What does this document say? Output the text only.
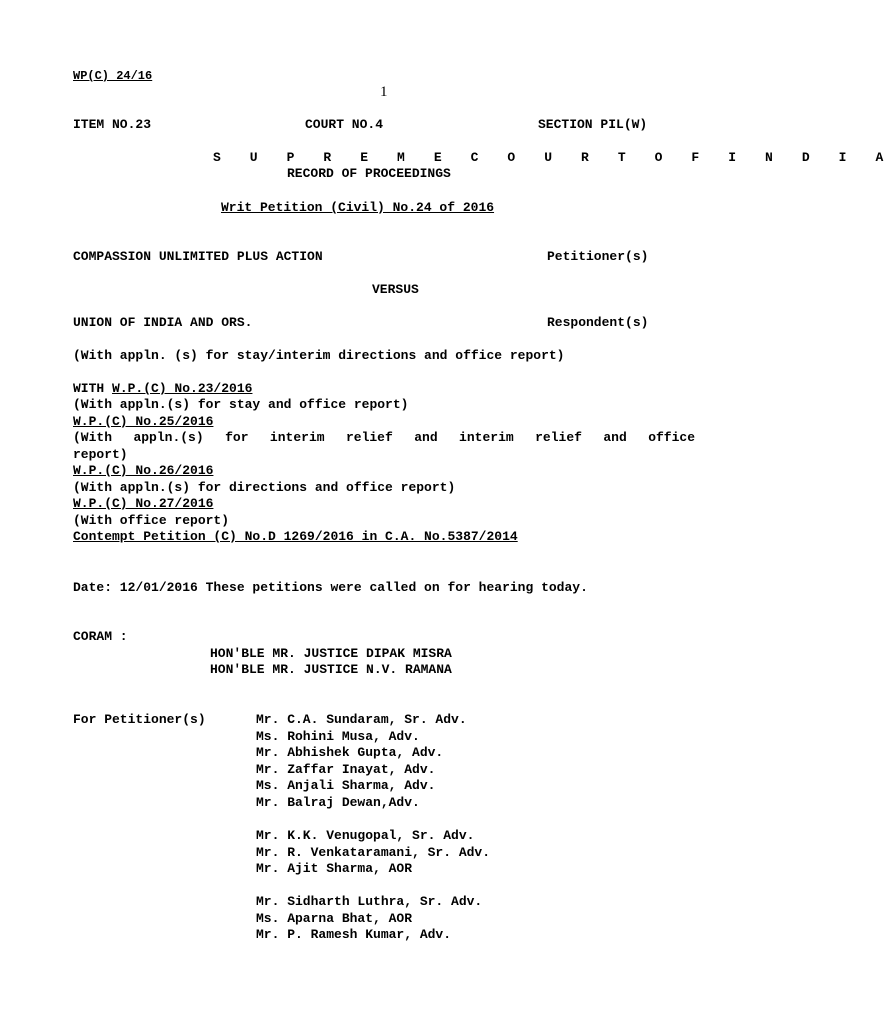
WP(C) 24/16
1
ITEM NO.23	COURT NO.4	SECTION PIL(W)
S U P R E M E C O U R T O F I N D I A
RECORD OF PROCEEDINGS
Writ Petition (Civil) No.24 of 2016
COMPASSION UNLIMITED PLUS ACTION	Petitioner(s)
VERSUS
UNION OF INDIA AND ORS.	Respondent(s)
(With appln. (s) for stay/interim directions and office report)
WITH W.P.(C) No.23/2016
(With appln.(s) for stay and office report)
W.P.(C) No.25/2016
(With appln.(s) for interim relief and interim relief and office
report)
W.P.(C) No.26/2016
(With appln.(s) for directions and office report)
W.P.(C) No.27/2016
(With office report)
Contempt Petition (C) No.D 1269/2016 in C.A. No.5387/2014
Date: 12/01/2016 These petitions were called on for hearing today.
CORAM :
HON'BLE MR. JUSTICE DIPAK MISRA
HON'BLE MR. JUSTICE N.V. RAMANA
For Petitioner(s)	Mr. C.A. Sundaram, Sr. Adv.
Ms. Rohini Musa, Adv.
Mr. Abhishek Gupta, Adv.
Mr. Zaffar Inayat, Adv.
Ms. Anjali Sharma, Adv.
Mr. Balraj Dewan,Adv.
Mr. K.K. Venugopal, Sr. Adv.
Mr. R. Venkataramani, Sr. Adv.
Mr. Ajit Sharma, AOR
Mr. Sidharth Luthra, Sr. Adv.
Ms. Aparna Bhat, AOR
Mr. P. Ramesh Kumar, Adv.
